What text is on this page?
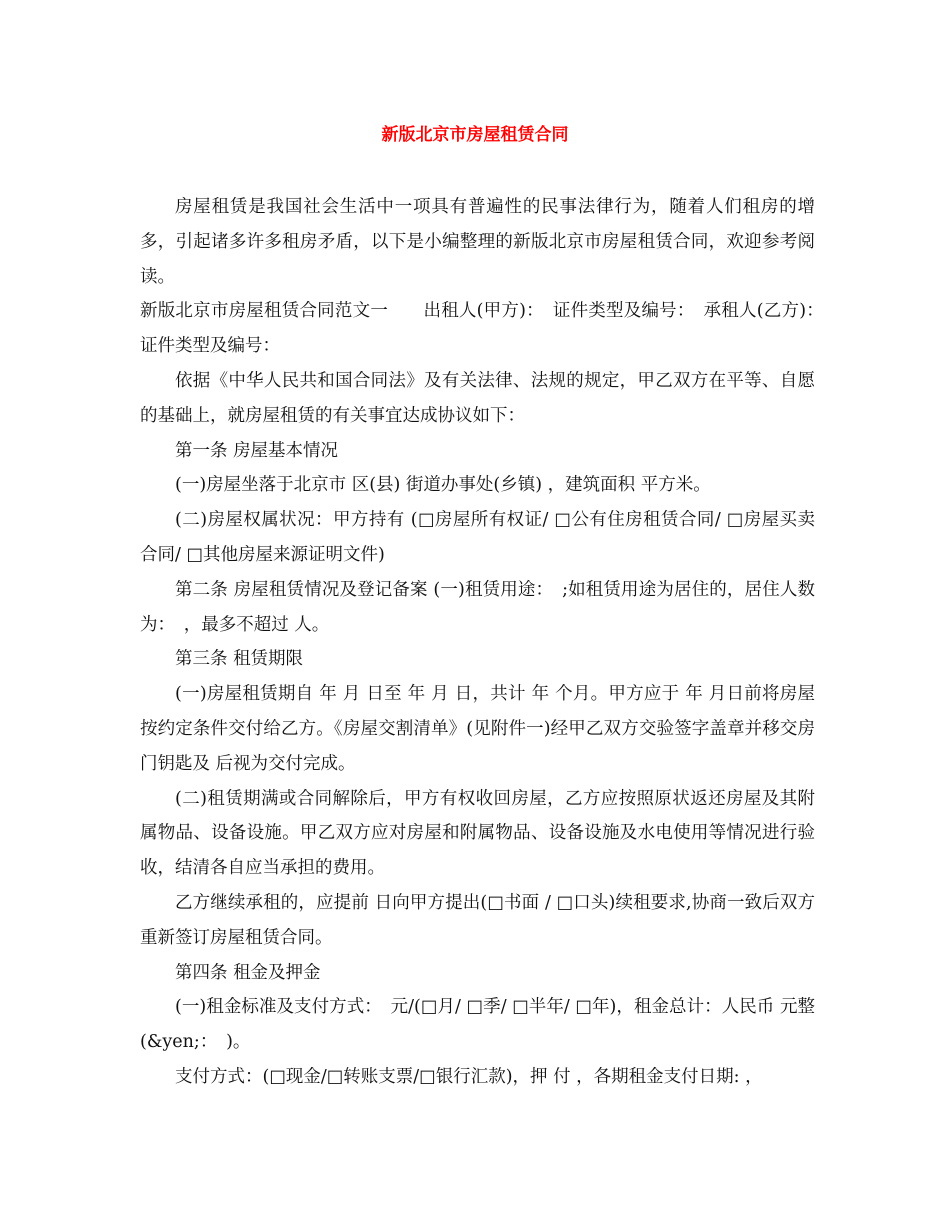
新版北京市房屋租赁合同

房屋租赁是我国社会生活中一项具有普遍性的民事法律行为，随着人们租房的增多，引起诸多许多租房矛盾，以下是小编整理的新版北京市房屋租赁合同，欢迎参考阅读。

新版北京市房屋租赁合同范文一　　出租人(甲方)：　证件类型及编号：　承租人(乙方)：　证件类型及编号：

依据《中华人民共和国合同法》及有关法律、法规的规定，甲乙双方在平等、自愿的基础上，就房屋租赁的有关事宜达成协议如下：

第一条 房屋基本情况

(一)房屋坐落于北京市 区(县) 街道办事处(乡镇) ，建筑面积 平方米。

(二)房屋权属状况：甲方持有 (□房屋所有权证/ □公有住房租赁合同/ □房屋买卖合同/ □其他房屋来源证明文件)

第二条 房屋租赁情况及登记备案 (一)租赁用途：　;如租赁用途为居住的，居住人数为：　，最多不超过 人。

第三条 租赁期限

(一)房屋租赁期自 年 月 日至 年 月 日，共计 年 个月。甲方应于 年 月日前将房屋按约定条件交付给乙方。《房屋交割清单》(见附件一)经甲乙双方交验签字盖章并移交房门钥匙及 后视为交付完成。

(二)租赁期满或合同解除后，甲方有权收回房屋，乙方应按照原状返还房屋及其附属物品、设备设施。甲乙双方应对房屋和附属物品、设备设施及水电使用等情况进行验收，结清各自应当承担的费用。

乙方继续承租的，应提前 日向甲方提出(□书面 / □口头)续租要求,协商一致后双方重新签订房屋租赁合同。

第四条 租金及押金

(一)租金标准及支付方式：　元/(□月/ □季/ □半年/ □年)，租金总计：人民币 元整(&yen;：　)。

支付方式：(□现金/□转账支票/□银行汇款)，押 付 ，各期租金支付日期: ，
